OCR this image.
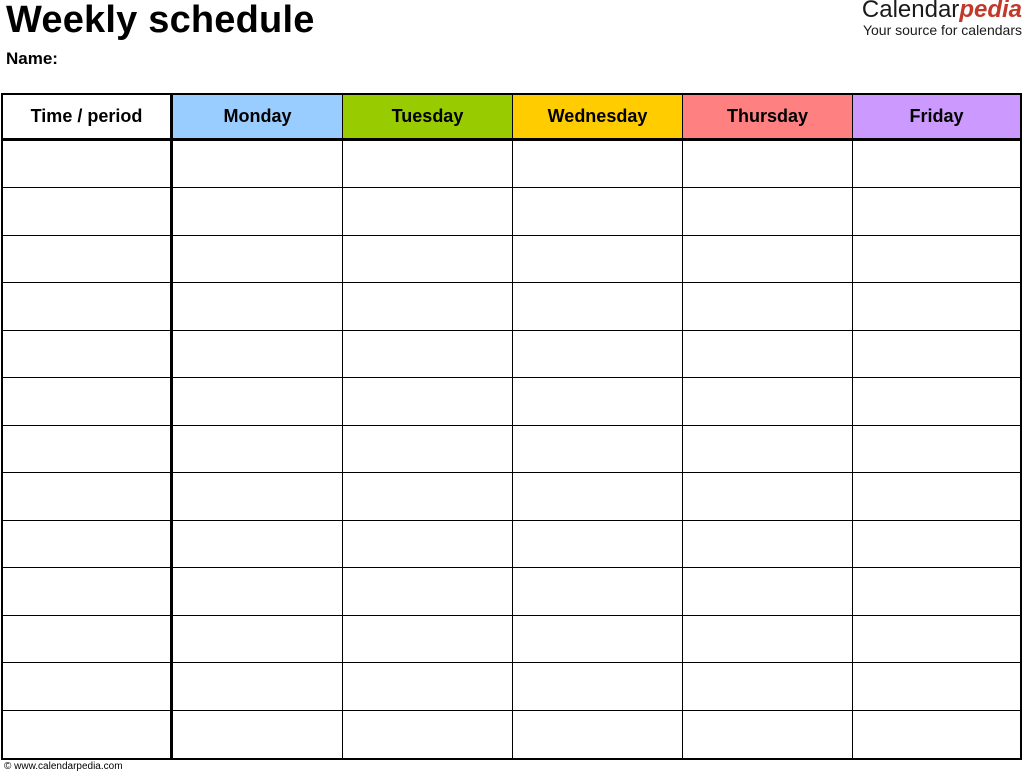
Weekly schedule
Name:
Calendarpedia
Your source for calendars
Time / period	Monday	Tuesday	Wednesday	Thursday	Friday
© www.calendarpedia.com
